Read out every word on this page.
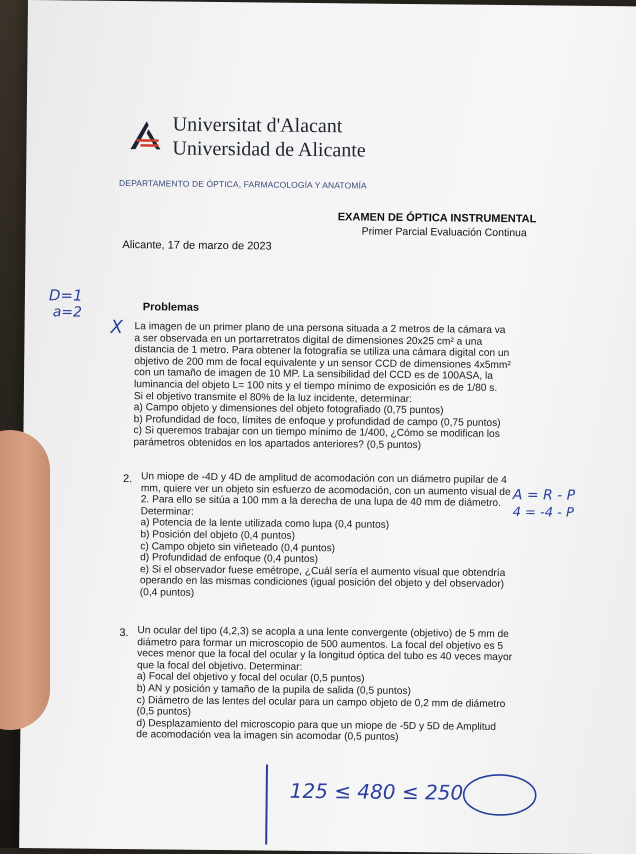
Universitat d'Alacant
Universidad de Alicante
DEPARTAMENTO DE ÓPTICA, FARMACOLOGÍA Y ANATOMÍA
EXAMEN DE ÓPTICA INSTRUMENTAL
Primer Parcial Evaluación Continua
Alicante, 17 de marzo de 2023
D=1
a=2	Problemas
X La imagen de un primer plano de una persona situada a 2 metros de la cámara va
a ser observada en un portarretratos digital de dimensiones 20x25 cm² a una
distancia de 1 metro. Para obtener la fotografía se utiliza una cámara digital con un
objetivo de 200 mm de focal equivalente y un sensor CCD de dimensiones 4x5mm²
con un tamaño de imagen de 10 MP. La sensibilidad del CCD es de 100ASA, la
luminancia del objeto L= 100 nits y el tiempo mínimo de exposición es de 1/80 s.
Si el objetivo transmite el 80% de la luz incidente, determinar:
a) Campo objeto y dimensiones del objeto fotografiado (0,75 puntos)
b) Profundidad de foco, límites de enfoque y profundidad de campo (0,75 puntos)
c) Si queremos trabajar con un tiempo mínimo de 1/400, ¿Cómo se modifican los
parámetros obtenidos en los apartados anteriores? (0,5 puntos)
2. Un miope de -4D y 4D de amplitud de acomodación con un diámetro pupilar de 4
mm, quiere ver un objeto sin esfuerzo de acomodación, con un aumento visual de
2. Para ello se sitúa a 100 mm a la derecha de una lupa de 40 mm de diámetro.
Determinar:
a) Potencia de la lente utilizada como lupa (0,4 puntos)
b) Posición del objeto (0,4 puntos)
c) Campo objeto sin viñeteado (0,4 puntos)
d) Profundidad de enfoque (0,4 puntos)
e) Si el observador fuese emétrope, ¿Cuál sería el aumento visual que obtendría
operando en las mismas condiciones (igual posición del objeto y del observador)
(0,4 puntos)
A = R - P
4 = -4 - P
3. Un ocular del tipo (4,2,3) se acopla a una lente convergente (objetivo) de 5 mm de
diámetro para formar un microscopio de 500 aumentos. La focal del objetivo es 5
veces menor que la focal del ocular y la longitud óptica del tubo es 40 veces mayor
que la focal del objetivo. Determinar:
a) Focal del objetivo y focal del ocular (0,5 puntos)
b) AN y posición y tamaño de la pupila de salida (0,5 puntos)
c) Diámetro de las lentes del ocular para un campo objeto de 0,2 mm de diámetro
(0,5 puntos)
d) Desplazamiento del microscopio para que un miope de -5D y 5D de Amplitud
de acomodación vea la imagen sin acomodar (0,5 puntos)
125 ≤ 480 ≤ 250
